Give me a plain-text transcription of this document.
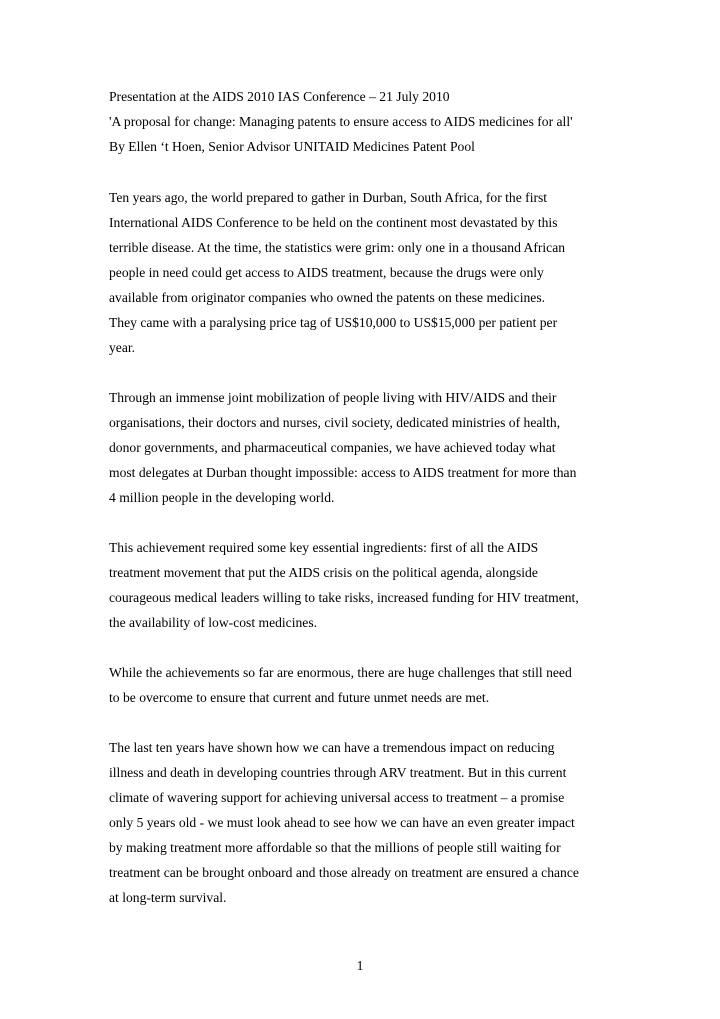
Presentation at the AIDS 2010 IAS Conference – 21 July 2010
'A proposal for change: Managing patents to ensure access to AIDS medicines for all'
By Ellen ‘t Hoen, Senior Advisor UNITAID Medicines Patent Pool
Ten years ago, the world prepared to gather in Durban, South Africa, for the first
International AIDS Conference to be held on the continent most devastated by this
terrible disease. At the time, the statistics were grim: only one in a thousand African
people in need could get access to AIDS treatment, because the drugs were only
available from originator companies who owned the patents on these medicines.
They came with a paralysing price tag of US$10,000 to US$15,000 per patient per
year.
Through an immense joint mobilization of people living with HIV/AIDS and their
organisations, their doctors and nurses, civil society, dedicated ministries of health,
donor governments, and pharmaceutical companies, we have achieved today what
most delegates at Durban thought impossible: access to AIDS treatment for more than
4 million people in the developing world.
This achievement required some key essential ingredients: first of all the AIDS
treatment movement that put the AIDS crisis on the political agenda, alongside
courageous medical leaders willing to take risks, increased funding for HIV treatment,
the availability of low-cost medicines.
While the achievements so far are enormous, there are huge challenges that still need
to be overcome to ensure that current and future unmet needs are met.
The last ten years have shown how we can have a tremendous impact on reducing
illness and death in developing countries through ARV treatment. But in this current
climate of wavering support for achieving universal access to treatment – a promise
only 5 years old - we must look ahead to see how we can have an even greater impact
by making treatment more affordable so that the millions of people still waiting for
treatment can be brought onboard and those already on treatment are ensured a chance
at long-term survival.
1
